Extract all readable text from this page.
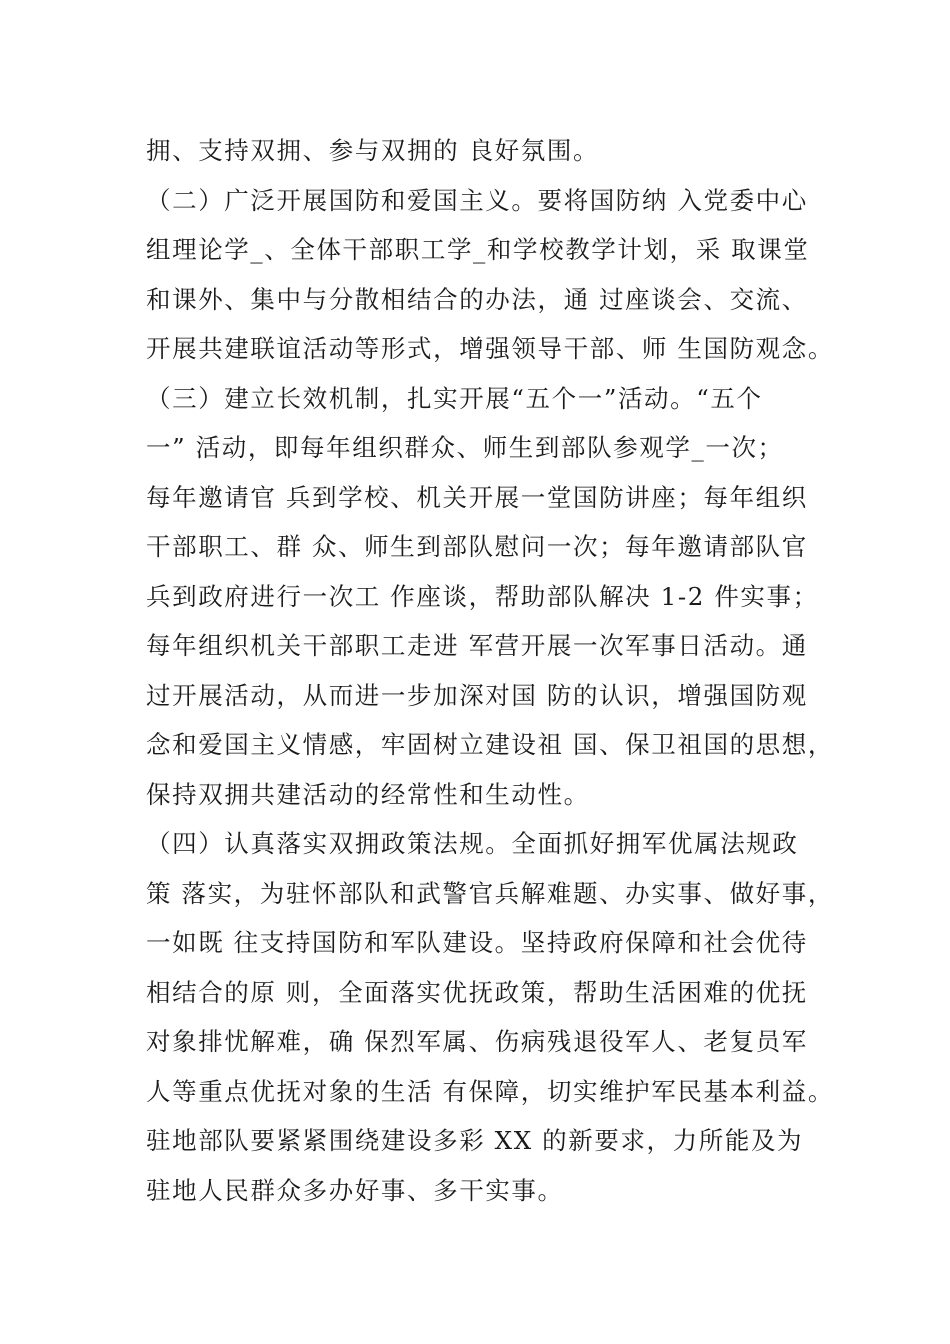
拥、支持双拥、参与双拥的 良好氛围。
（二）广泛开展国防和爱国主义。要将国防纳 入党委中心
组理论学_、全体干部职工学_和学校教学计划，采 取课堂
和课外、集中与分散相结合的办法，通 过座谈会、交流、
开展共建联谊活动等形式，增强领导干部、师 生国防观念。
（三）建立长效机制，扎实开展“五个一”活动。“五个
一” 活动，即每年组织群众、师生到部队参观学_一次；
每年邀请官 兵到学校、机关开展一堂国防讲座；每年组织
干部职工、群 众、师生到部队慰问一次；每年邀请部队官
兵到政府进行一次工 作座谈，帮助部队解决 1-2 件实事；
每年组织机关干部职工走进 军营开展一次军事日活动。通
过开展活动，从而进一步加深对国 防的认识，增强国防观
念和爱国主义情感，牢固树立建设祖 国、保卫祖国的思想，
保持双拥共建活动的经常性和生动性。
（四）认真落实双拥政策法规。全面抓好拥军优属法规政
策 落实，为驻怀部队和武警官兵解难题、办实事、做好事，
一如既 往支持国防和军队建设。坚持政府保障和社会优待
相结合的原 则，全面落实优抚政策，帮助生活困难的优抚
对象排忧解难，确 保烈军属、伤病残退役军人、老复员军
人等重点优抚对象的生活 有保障，切实维护军民基本利益。
驻地部队要紧紧围绕建设多彩 XX 的新要求，力所能及为
驻地人民群众多办好事、多干实事。
